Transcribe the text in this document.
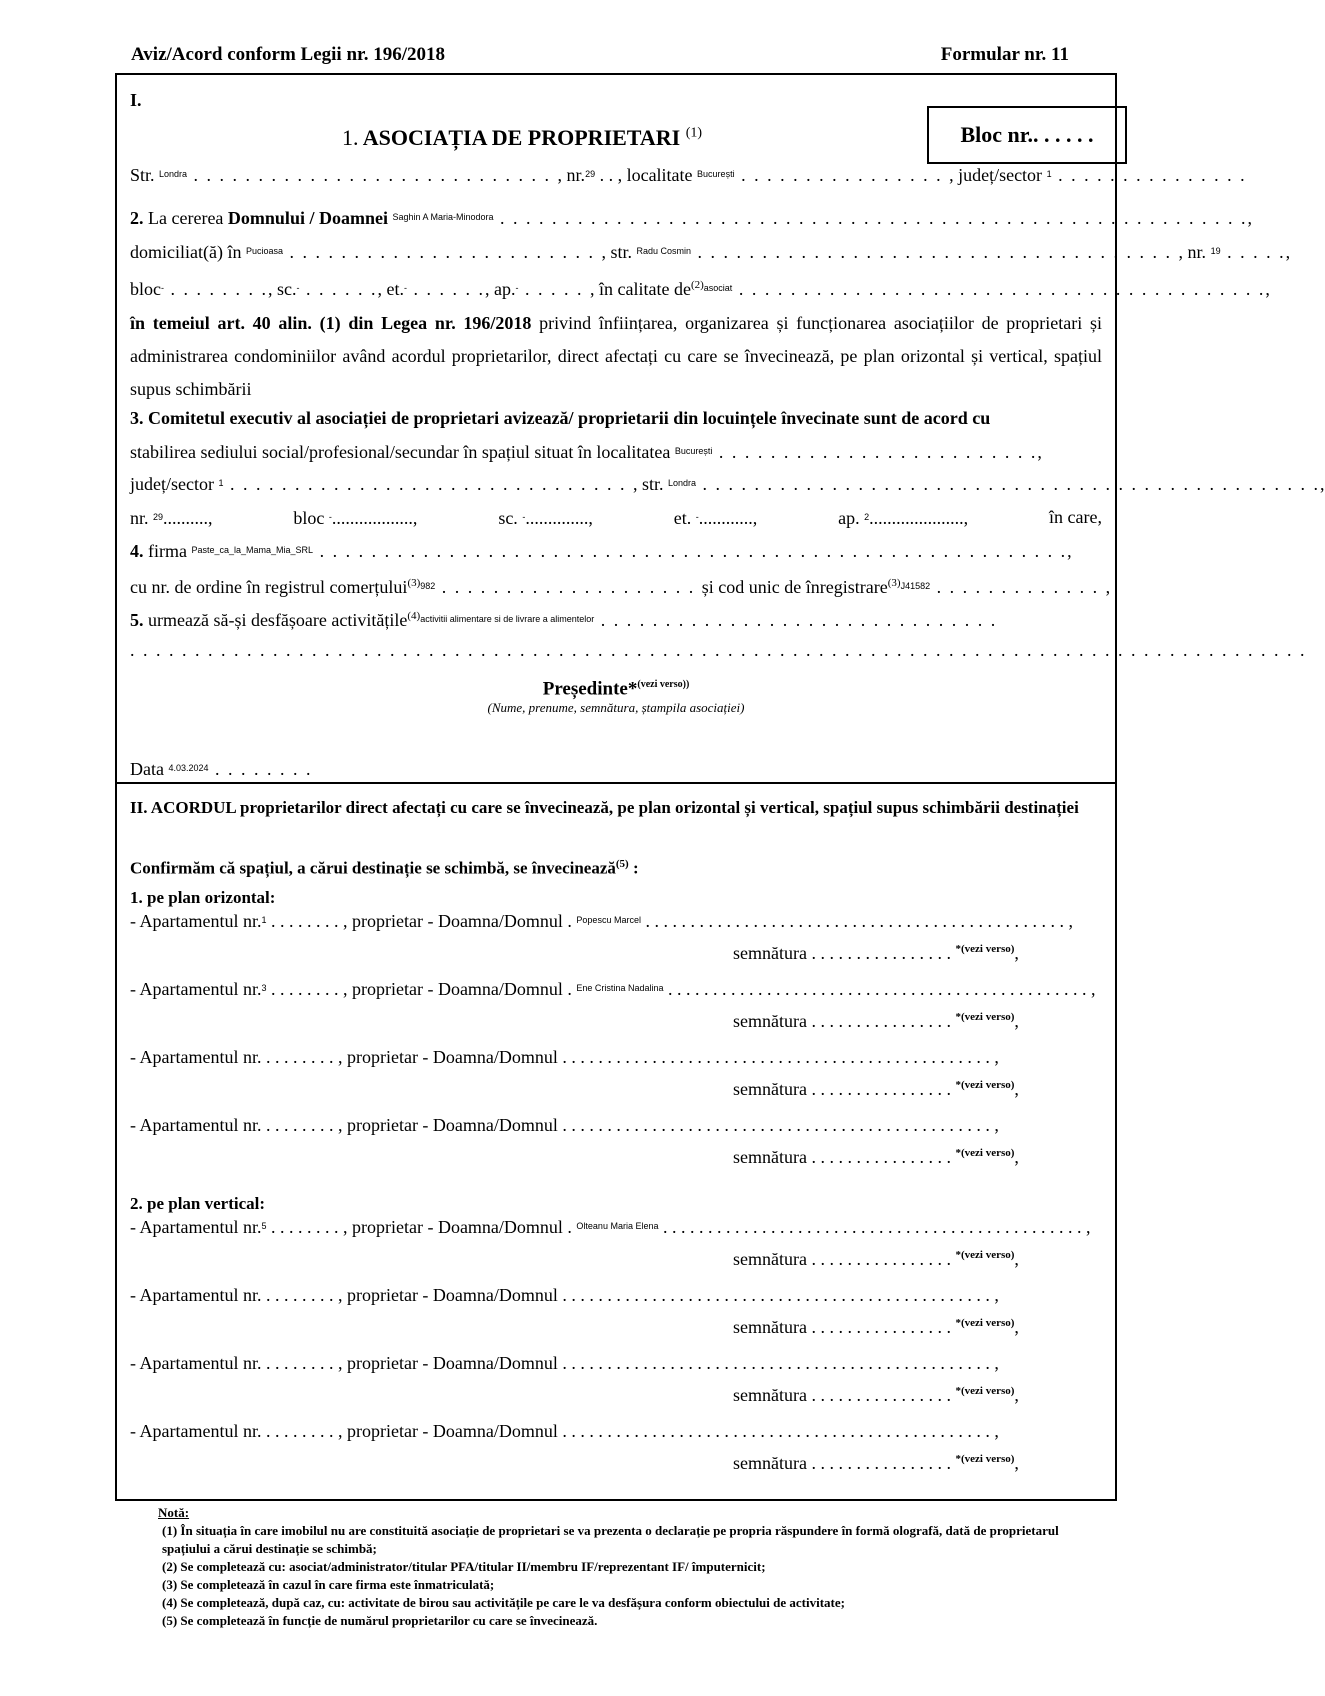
Aviz/Acord conform Legii nr. 196/2018	Formular nr. 11
I.
1. ASOCIAȚIA DE PROPRIETARI $^{(1)}$	Bloc nr.. . . . . .
Str. $^{Londra}$ . . . . . . . . . . . . . . . . . . . . . . . . . . . . , nr.$^{29}$ . . , localitate $^{București}$ . . . . . . . . . . . . . . . . , județ/sector $^1$ . . . . . . . . . . . . . . .
2. La cererea Domnului / Doamnei $^{Saghin A Maria-Minodora}$ . . . . . . . . . . . . . . . . . . . . . . . . . . . . . . . . . . . . . . . . . . . . . . . . . . . . . . . . . .,
domiciliat(ă) în $^{Pucioasa}$ . . . . . . . . . . . . . . . . . . . . . . . . , str. $^{Radu Cosmin}$ . . . . . . . . . . . . . . . . . . . . . . . . . . . . . . . . . . . . . , nr. $^{19}$ . . . . .,
bloc- . . . . . . . ., sc.- . . . . . ., et.- . . . . . ., ap.- . . . . . , în calitate $de^{(2)asociat}$ . . . . . . . . . . . . . . . . . . . . . . . . . . . . . . . . . . . . . . . . .,
în temeiul art. 40 alin. (1) din Legea nr. 196/2018 privind înființarea, organizarea și funcționarea asociațiilor de proprietari și administrarea condominiilor având acordul proprietarilor, direct afectați cu care se învecinează, pe plan orizontal și vertical, spațiul supus schimbării
3. Comitetul executiv al asociației de proprietari avizează/ proprietarii din locuințele învecinate sunt de acord cu
stabilirea sediului social/profesional/secundar în spațiul situat în localitatea $^{București}$ . . . . . . . . . . . . . . . . . . . . . . . . .,
județ/sector $^1$ . . . . . . . . . . . . . . . . . . . . . . . . . . . . . . . , str. $^{Londra}$ . . . . . . . . . . . . . . . . . . . . . . . . . . . . . . . . . . . . . . . . . . . . . . . .,
nr. $^{29}$..........,	bloc -..................,	sc. -..............,	et. -............,	ap. $^2$.....................,	în care,
4. firma $^{Paste\_ca\_la\_Mama\_Mia\_SRL}$ . . . . . . . . . . . . . . . . . . . . . . . . . . . . . . . . . . . . . . . . . . . . . . . . . . . . . . . . . .,
cu nr. de ordine în registrul comerțului$^{(3)982}$ . . . . . . . . . . . . . . . . . . . . și cod unic de înregistrare$^{(3)J41582}$ . . . . . . . . . . . . . ,
5. urmează să-și desfășoare activitățile$^{(4)activitii alimentare si de livrare a alimentelor}$ . . . . . . . . . . . . . . . . . . . . . . . . . . . . . . .
. . . . . . . . . . . . . . . . . . . . . . . . . . . . . . . . . . . . . . . . . . . . . . . . . . . . . . . . . . . . . . . . . . . . . . . . . . . . . . . . . . . . . . . . . . .
Președinte*$^{(vezi verso))}$
(Nume, prenume, semnătura, ștampila asociației)
Data $^{4.03.2024}$ . . . . . . . .
II. ACORDUL proprietarilor direct afectați cu care se învecinează, pe plan orizontal și vertical, spațiul supus schimbării destinației
Confirmăm că spațiul, a cărui destinație se schimbă, se învecinează$^{(5)}$ :
1. pe plan orizontal:
- Apartamentul nr.$^1$ . . . . . . . . , proprietar - Doamna/Domnul . $^{Popescu Marcel}$ . . . . . . . . . . . . . . . . . . . . . . . . . . . . . . . . . . . . . . . . . . . . . . . ,
semnătura . . . . . . . . . . . . . . . . $^{*(vezi verso)}$,
- Apartamentul nr.$^3$ . . . . . . . . , proprietar - Doamna/Domnul . $^{Ene Cristina Nadalina}$ . . . . . . . . . . . . . . . . . . . . . . . . . . . . . . . . . . . . . . . . . . . . . . . ,
semnătura . . . . . . . . . . . . . . . . $^{*(vezi verso)}$,
- Apartamentul nr. . . . . . . . . , proprietar - Doamna/Domnul . . . . . . . . . . . . . . . . . . . . . . . . . . . . . . . . . . . . . . . . . . . . . . . . ,
semnătura . . . . . . . . . . . . . . . . $^{*(vezi verso)}$,
- Apartamentul nr. . . . . . . . . , proprietar - Doamna/Domnul . . . . . . . . . . . . . . . . . . . . . . . . . . . . . . . . . . . . . . . . . . . . . . . . ,
semnătura . . . . . . . . . . . . . . . . $^{*(vezi verso)}$,
2. pe plan vertical:
- Apartamentul nr.$^5$ . . . . . . . . , proprietar - Doamna/Domnul . $^{Olteanu Maria Elena}$ . . . . . . . . . . . . . . . . . . . . . . . . . . . . . . . . . . . . . . . . . . . . . . . ,
semnătura . . . . . . . . . . . . . . . . $^{*(vezi verso)}$,
- Apartamentul nr. . . . . . . . . , proprietar - Doamna/Domnul . . . . . . . . . . . . . . . . . . . . . . . . . . . . . . . . . . . . . . . . . . . . . . . . ,
semnătura . . . . . . . . . . . . . . . . $^{*(vezi verso)}$,
- Apartamentul nr. . . . . . . . . , proprietar - Doamna/Domnul . . . . . . . . . . . . . . . . . . . . . . . . . . . . . . . . . . . . . . . . . . . . . . . . ,
semnătura . . . . . . . . . . . . . . . . $^{*(vezi verso)}$,
- Apartamentul nr. . . . . . . . . , proprietar - Doamna/Domnul . . . . . . . . . . . . . . . . . . . . . . . . . . . . . . . . . . . . . . . . . . . . . . . . ,
semnătura . . . . . . . . . . . . . . . . $^{*(vezi verso)}$,
Notă:
(1) În situația în care imobilul nu are constituită asociație de proprietari se va prezenta o declarație pe propria răspundere în formă olografă, dată de proprietarul spațiului a cărui destinație se schimbă;
(2) Se completează cu: asociat/administrator/titular PFA/titular II/membru IF/reprezentant IF/ împuternicit;
(3) Se completează în cazul în care firma este înmatriculată;
(4) Se completează, după caz, cu: activitate de birou sau activitățile pe care le va desfășura conform obiectului de activitate;
(5) Se completează în funcție de numărul proprietarilor cu care se învecinează.
